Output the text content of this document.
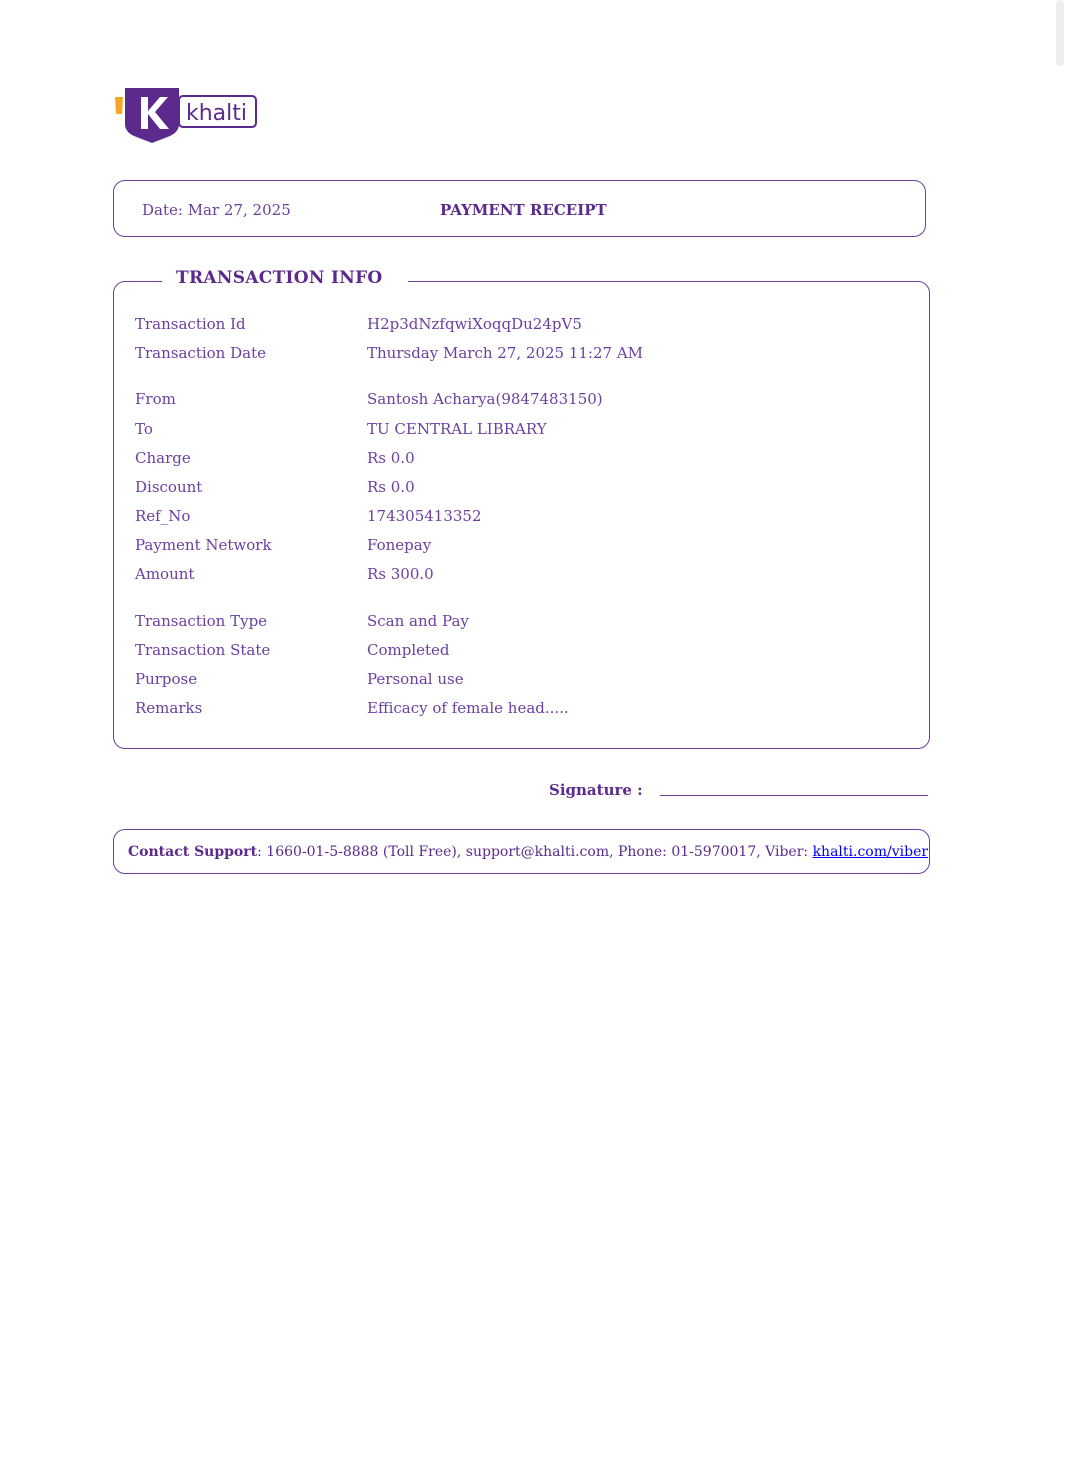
khalti
Date: Mar 27, 2025	PAYMENT RECEIPT
TRANSACTION INFO
Transaction Id	H2p3dNzfqwiXoqqDu24pV5
Transaction Date	Thursday March 27, 2025 11:27 AM
From	Santosh Acharya(9847483150)
To	TU CENTRAL LIBRARY
Charge	Rs 0.0
Discount	Rs 0.0
Ref_No	174305413352
Payment Network	Fonepay
Amount	Rs 300.0
Transaction Type	Scan and Pay
Transaction State	Completed
Purpose	Personal use
Remarks	Efficacy of female head.....
Signature :
Contact Support: 1660-01-5-8888 (Toll Free), support@khalti.com, Phone: 01-5970017, Viber: khalti.com/viber
